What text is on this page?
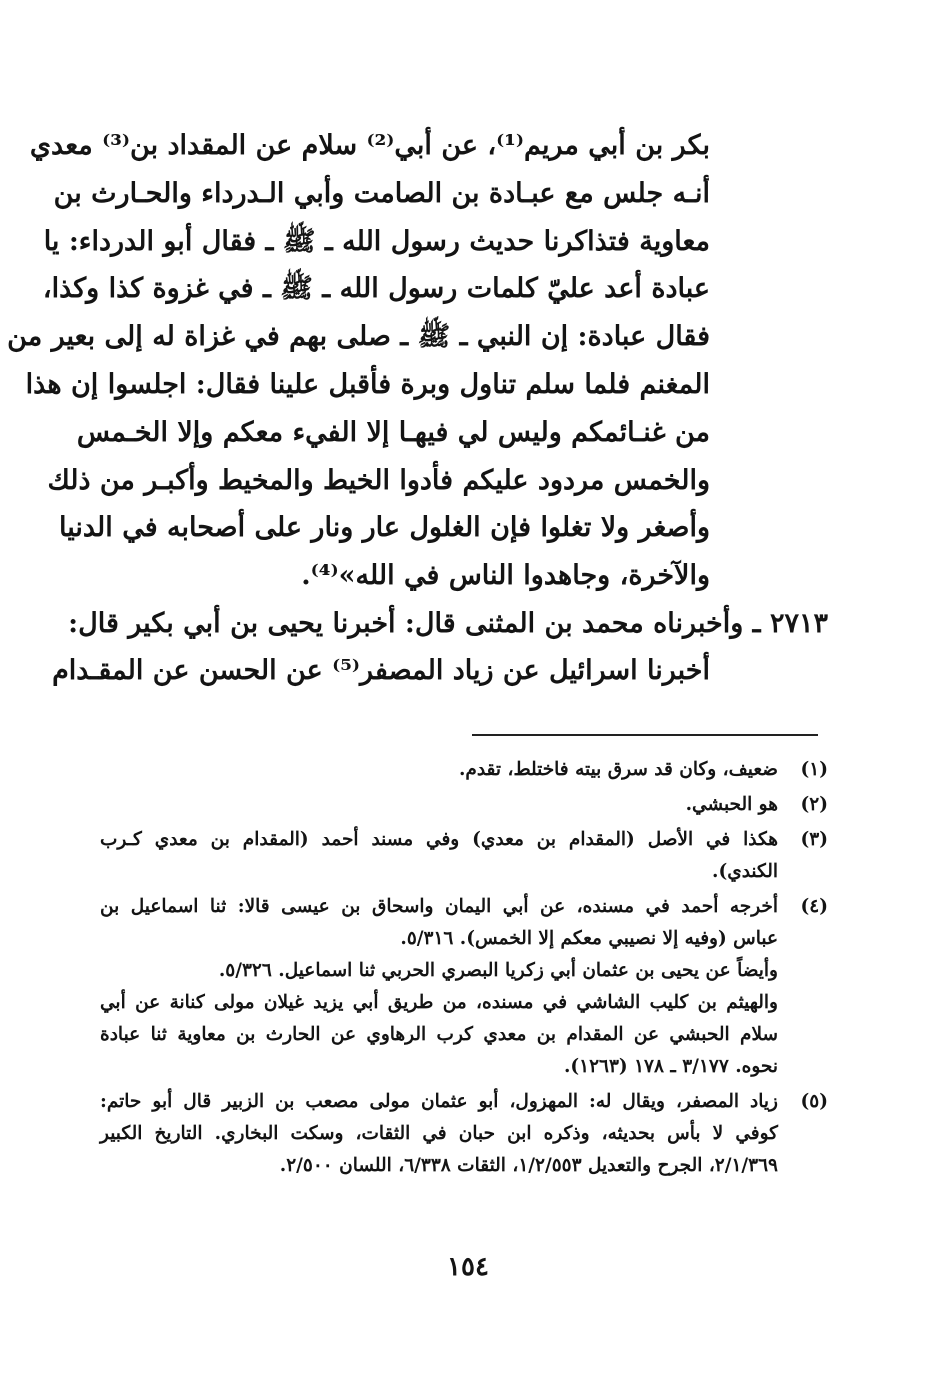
بكر بن أبي مريم⁽¹⁾، عن أبي⁽²⁾ سلام عن المقداد بن⁽³⁾ معدي
أنـه جلس مع عبـادة بن الصامت وأبي الـدرداء والحـارث بن
معاوية فتذاكرنا حديث رسول الله ـ ﷺ ـ فقال أبو الدرداء: يا
عبادة أعد عليّ كلمات رسول الله ـ ﷺ ـ في غزوة كذا وكذا،
فقال عبادة: إن النبي ـ ﷺ ـ صلى بهم في غزاة له إلى بعير من
المغنم فلما سلم تناول وبرة فأقبل علينا فقال: اجلسوا إن هذا
من غنـائمكم وليس لي فيهـا إلا الفيء معكم وإلا الخـمس
والخمس مردود عليكم فأدوا الخيط والمخيط وأكبـر من ذلك
وأصغر ولا تغلوا فإن الغلول عار ونار على أصحابه في الدنيا
والآخرة، وجاهدوا الناس في الله»⁽⁴⁾.
٢٧١٣ ـ وأخبرناه محمد بن المثنى قال: أخبرنا يحيى بن أبي بكير قال:
أخبرنا اسرائيل عن زياد المصفر⁽⁵⁾ عن الحسن عن المقـدام
(١)
ضعيف، وكان قد سرق بيته فاختلط، تقدم.
(٢)
هو الحبشي.
(٣)
هكذا في الأصل (المقدام بن معدي) وفي مسند أحمد (المقدام بن معدي كـرب
الكندي).
(٤)
أخرجه أحمد في مسنده، عن أبي اليمان واسحاق بن عيسى قالا: ثنا اسماعيل بن
عباس (وفيه إلا نصيبي معكم إلا الخمس). ٥/٣١٦.
وأيضاً عن يحيى بن عثمان أبي زكريا البصري الحربي ثنا اسماعيل. ٥/٣٢٦.
والهيثم بن كليب الشاشي في مسنده، من طريق أبي يزيد غيلان مولى كنانة عن أبي
سلام الحبشي عن المقدام بن معدي كرب الرهاوي عن الحارث بن معاوية ثنا عبادة
نحوه. ٣/١٧٧ ـ ١٧٨ (١٢٦٣).
(٥)
زياد المصفر، ويقال له: المهزول، أبو عثمان مولى مصعب بن الزبير قال أبو حاتم:
كوفي لا بأس بحديثه، وذكره ابن حبان في الثقات، وسكت البخاري. التاريخ الكبير
٢/١/٣٦٩، الجرح والتعديل ١/٢/٥٥٣، الثقات ٦/٣٣٨، اللسان ٢/٥٠٠.
١٥٤
